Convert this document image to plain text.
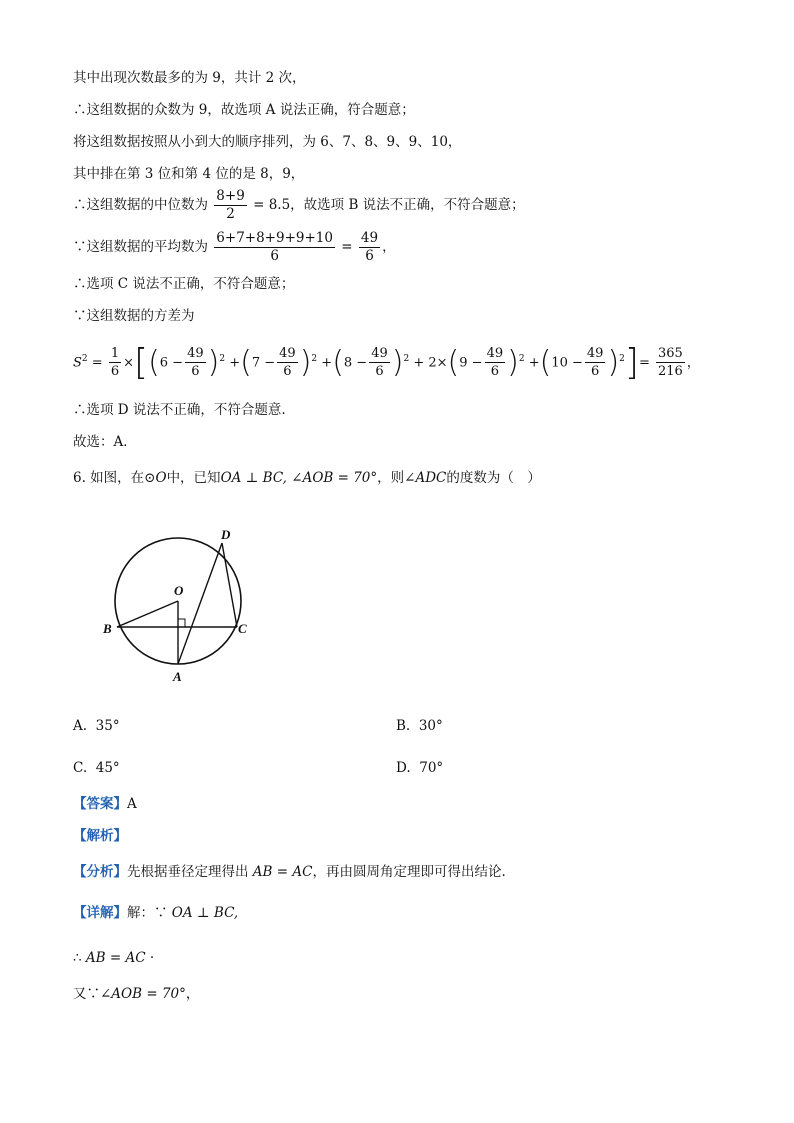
其中出现次数最多的为 9，共计 2 次，
∴这组数据的众数为 9，故选项 A 说法正确，符合题意；
将这组数据按照从小到大的顺序排列，为 6、7、8、9、9、10，
其中排在第 3 位和第 4 位的是 8，9，
∴这组数据的中位数为 $\frac{8+9}{2} = 8.5$，故选项 B 说法不正确，不符合题意；
∵这组数据的平均数为 $\frac{6+7+8+9+9+10}{6} = \frac{49}{6}$ ，
∴选项 C 说法不正确，不符合题意；
∵这组数据的方差为
$S^2 = \frac{1}{6} \times[(6 - \frac{49}{6} )^2 +(7 - \frac{49}{6} )^2 +(8 - \frac{49}{6} )^2 + 2\times(9 - \frac{49}{6} )^2 +(10 - \frac{49}{6} )^2]= \frac{365}{216}$ ，
∴选项 D 说法不正确，不符合题意.
故选：A．
6. 如图，在⊙O中，已知OA ⊥ BC, ∠AOB = 70°，则∠ADC的度数为（　）
D
O
B	C
A
A. 35°	B. 30°
C. 45°	D. 70°
【答案】A
【解析】
【分析】先根据垂径定理得出 AB = AC，再由圆周角定理即可得出结论.
【详解】解：∵ OA ⊥ BC,
∴ AB = AC ·
又∵∠AOB = 70°，
